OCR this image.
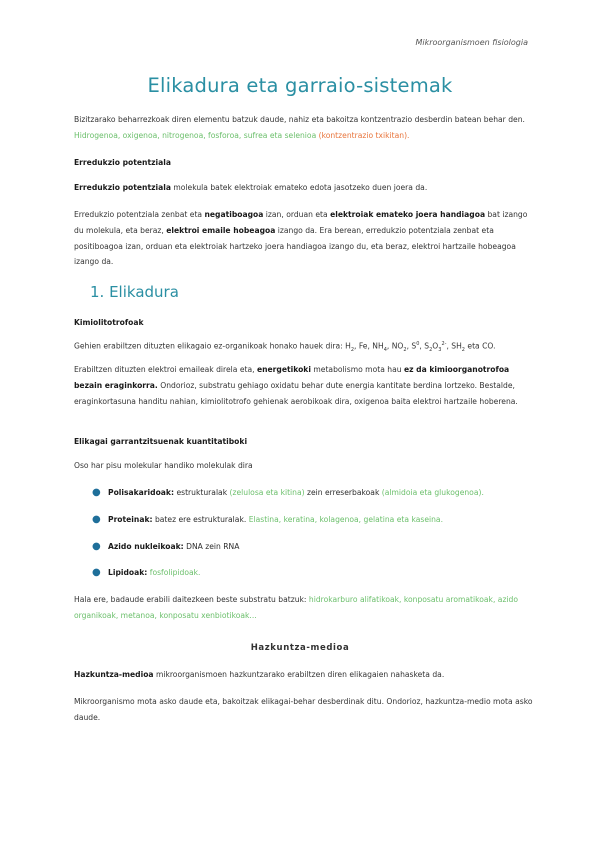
Mikroorganismoen fisiologia
Elikadura eta garraio-sistemak
Bizitzarako beharrezkoak diren elementu batzuk daude, nahiz eta bakoitza kontzentrazio desberdin batean behar den. Hidrogenoa, oxigenoa, nitrogenoa, fosforoa, sufrea eta selenioa (kontzentrazio txikitan).
Erredukzio potentziala
Erredukzio potentziala molekula batek elektroiak emateko edota jasotzeko duen joera da.
Erredukzio potentziala zenbat eta negatiboagoa izan, orduan eta elektroiak emateko joera handiagoa bat izango du molekula, eta beraz, elektroi emaile hobeagoa izango da. Era berean, erredukzio potentziala zenbat eta positiboagoa izan, orduan eta elektroiak hartzeko joera handiagoa izango du, eta beraz, elektroi hartzaile hobeagoa izango da.
1. Elikadura
Kimiolitotrofoak
Gehien erabiltzen dituzten elikagaio ez-organikoak honako hauek dira: $H_2$, Fe, $NH_4$, $NO_2$, $S^0$, $S_2O_3^{2-}$, $SH_2$ eta CO.
Erabiltzen dituzten elektroi emaileak direla eta, energetikoki metabolismo mota hau ez da kimioorganotrofoa bezain eraginkorra. Ondorioz, substratu gehiago oxidatu behar dute energia kantitate berdina lortzeko. Bestalde, eraginkortasuna handitu nahian, kimiolitotrofo gehienak aerobikoak dira, oxigenoa baita elektroi hartzaile hoberena.
Elikagai garrantzitsuenak kuantitatiboki
Oso har pisu molekular handiko molekulak dira
● Polisakaridoak: estrukturalak (zelulosa eta kitina) zein erreserbakoak (almidoia eta glukogenoa).
● Proteinak: batez ere estrukturalak. Elastina, keratina, kolagenoa, gelatina eta kaseina.
● Azido nukleikoak: DNA zein RNA
● Lipidoak: fosfolipidoak.
Hala ere, badaude erabili daitezkeen beste substratu batzuk: hidrokarburo alifatikoak, konposatu aromatikoak, azido organikoak, metanoa, konposatu xenbiotikoak...
Hazkuntza-medioa
Hazkuntza-medioa mikroorganismoen hazkuntzarako erabiltzen diren elikagaien nahasketa da.
Mikroorganismo mota asko daude eta, bakoitzak elikagai-behar desberdinak ditu. Ondorioz, hazkuntza-medio mota asko daude.
